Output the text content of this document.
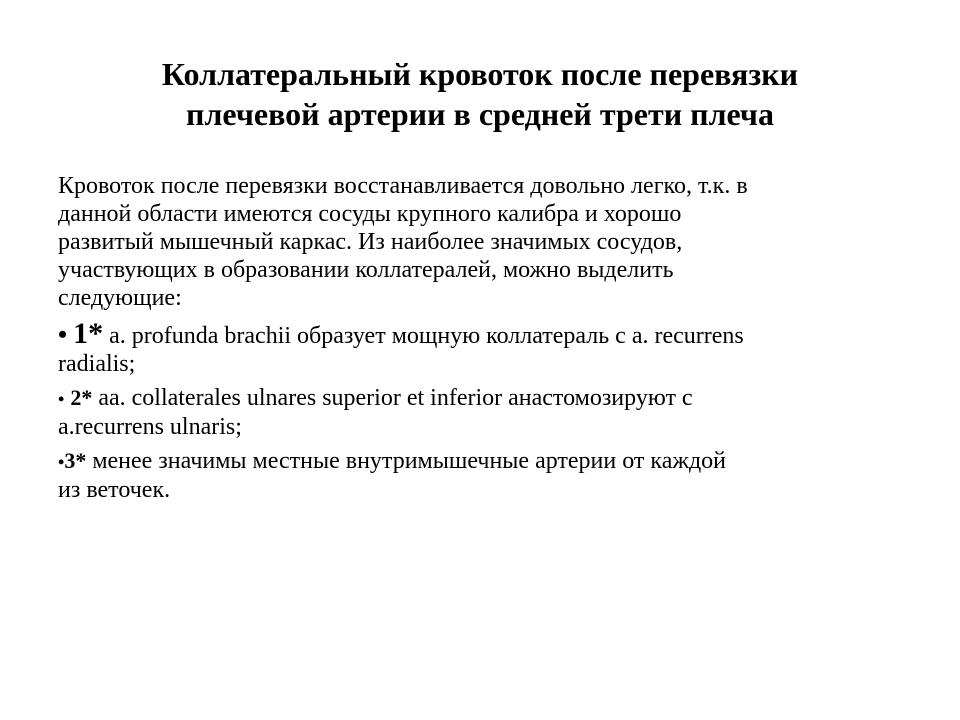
Коллатеральный кровоток после перевязки
плечевой артерии в средней трети плеча
Кровоток после перевязки восстанавливается довольно легко, т.к. в
данной области имеются сосуды крупного калибра и хорошо
развитый мышечный каркас. Из наиболее значимых сосудов,
участвующих в образовании коллатералей, можно выделить
следующие:
• 1* a. profunda brachii образует мощную коллатераль с a. recurrens
radialis;
• 2* aa. collaterales ulnares superior et inferior анастомозируют с
a.recurrens ulnaris;
•3* менее значимы местные внутримышечные артерии от каждой
из веточек.
